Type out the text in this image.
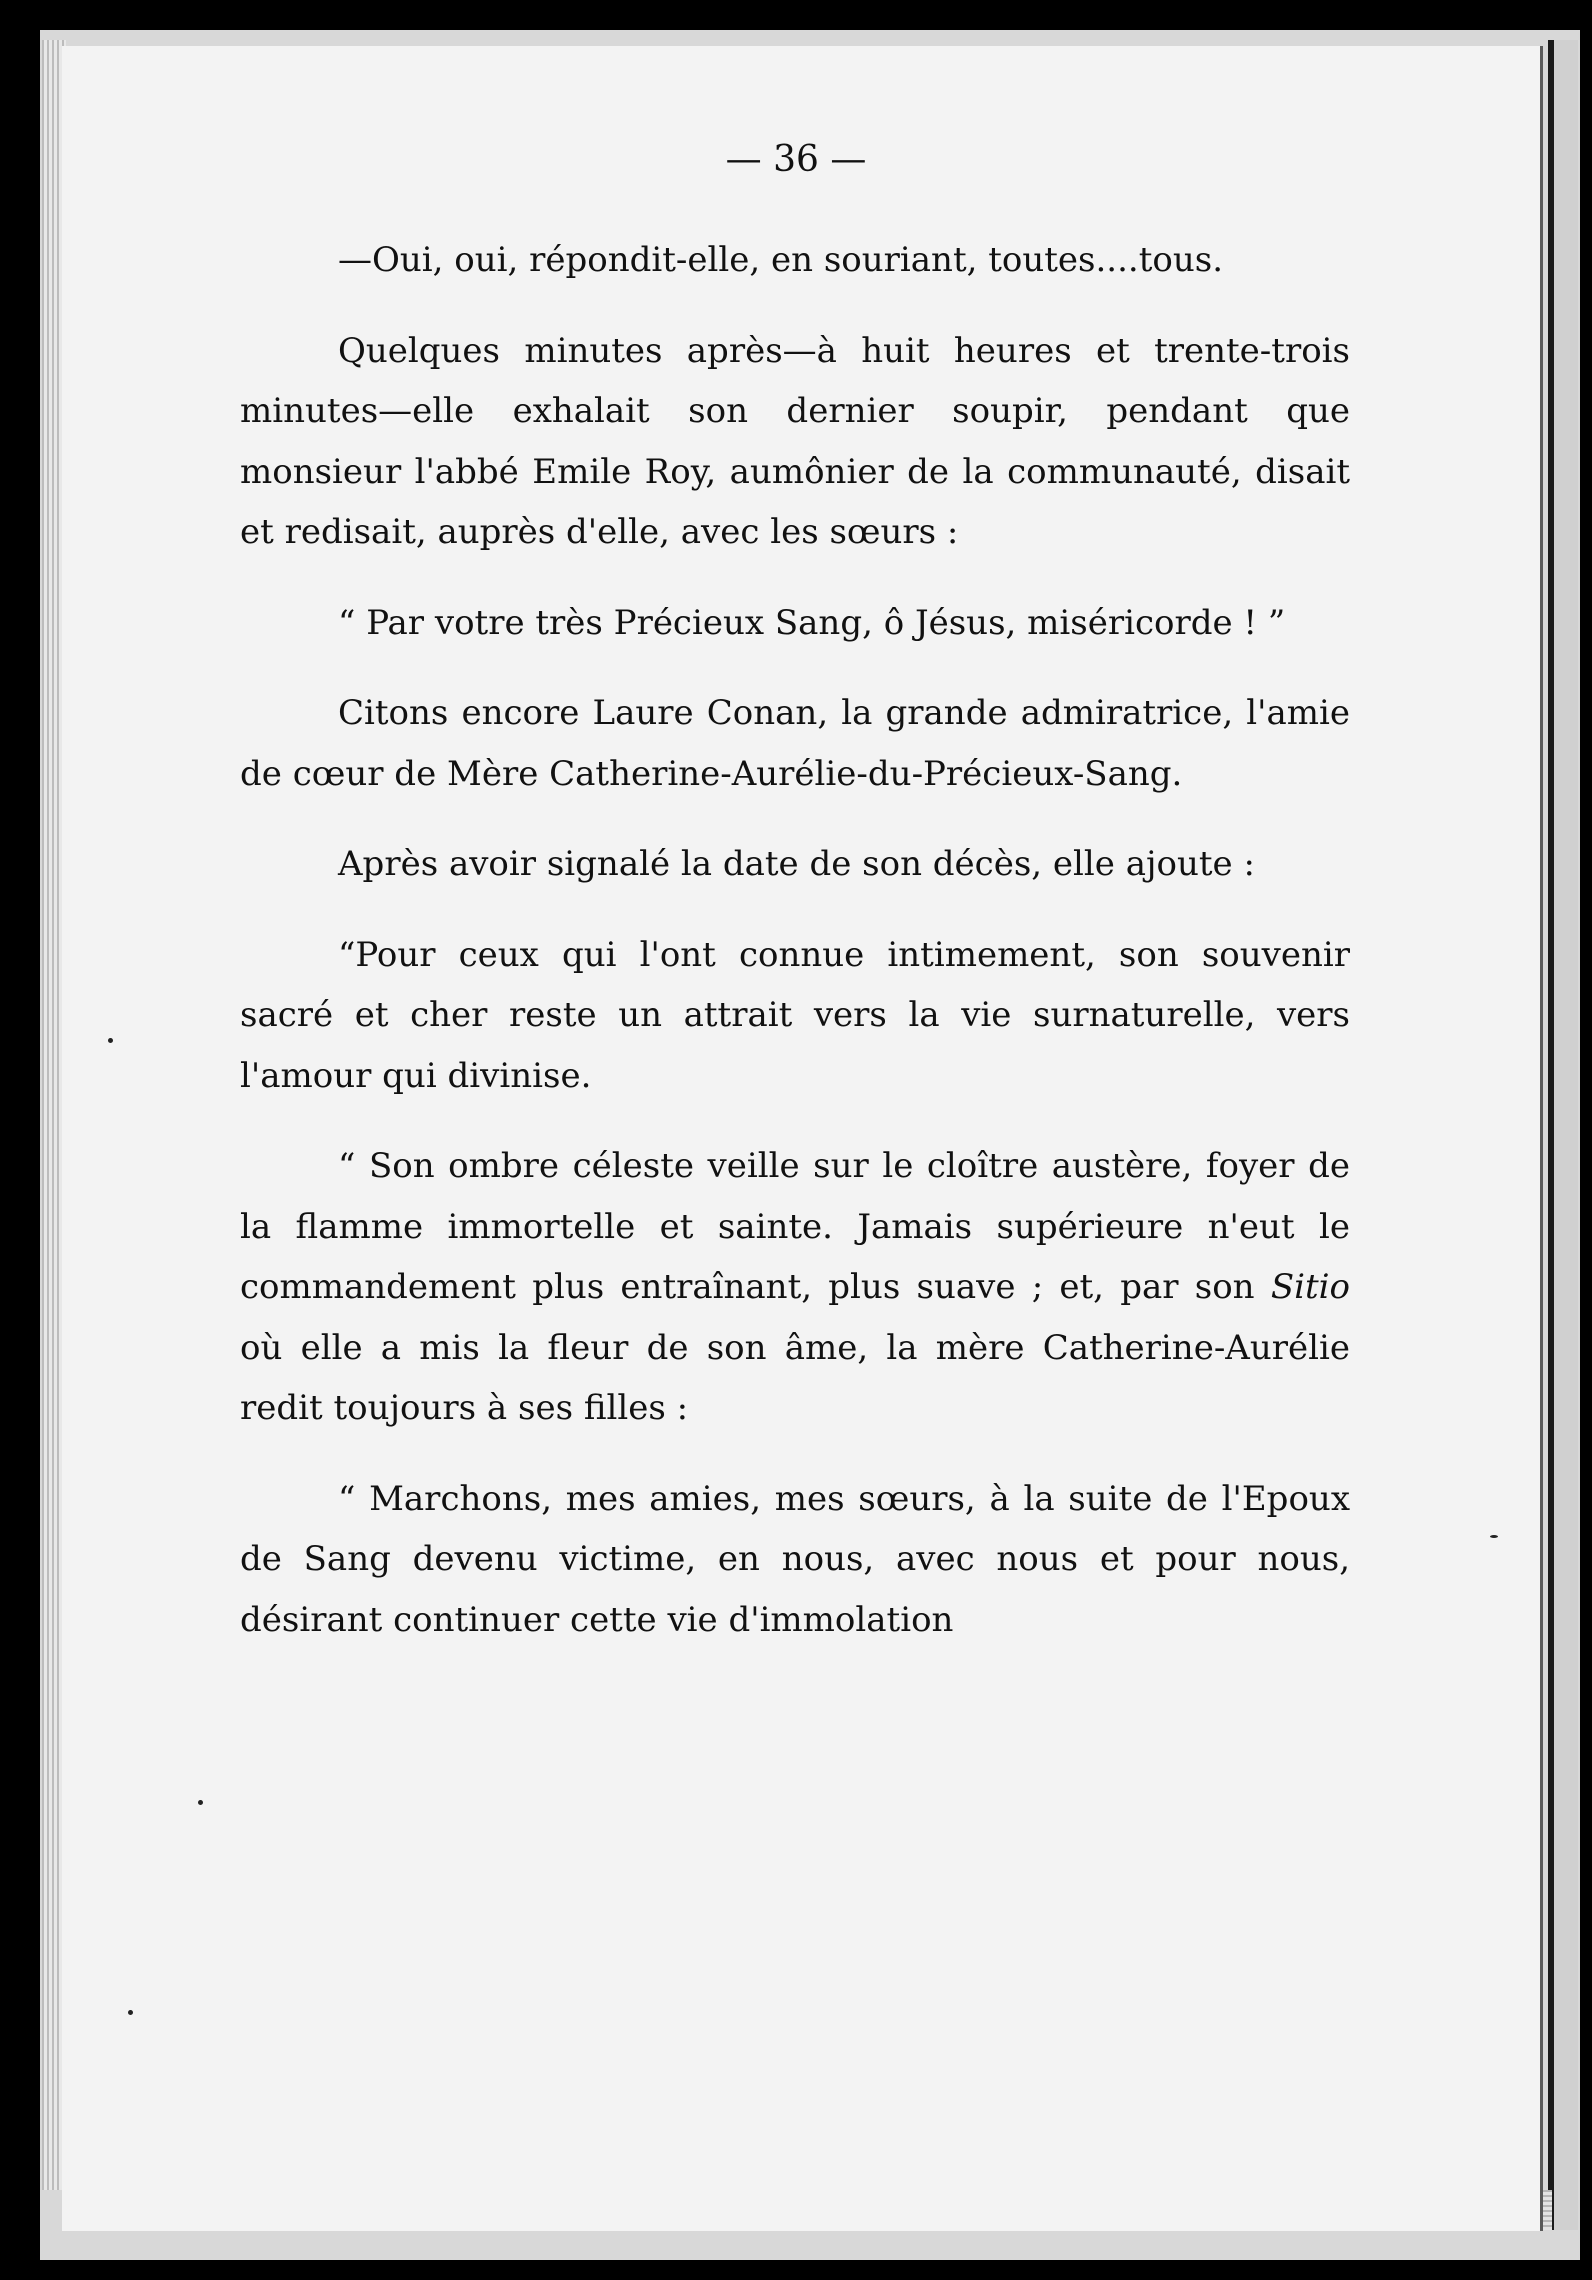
— 36 —

—Oui, oui, répondit-elle, en souriant, toutes....tous.

Quelques minutes après—à huit heures et trente-trois minutes—elle exhalait son dernier soupir, pendant que monsieur l'abbé Emile Roy, aumônier de la communauté, disait et redisait, auprès d'elle, avec les sœurs :

“ Par votre très Précieux Sang, ô Jésus, miséricorde ! ”

Citons encore Laure Conan, la grande admiratrice, l'amie de cœur de Mère Catherine-Aurélie-du-Précieux-Sang.

Après avoir signalé la date de son décès, elle ajoute :

“Pour ceux qui l'ont connue intimement, son souvenir sacré et cher reste un attrait vers la vie surnaturelle, vers l'amour qui divinise.

“ Son ombre céleste veille sur le cloître austère, foyer de la flamme immortelle et sainte. Jamais supérieure n'eut le commandement plus entraînant, plus suave ; et, par son Sitio où elle a mis la fleur de son âme, la mère Catherine-Aurélie redit toujours à ses filles :

“ Marchons, mes amies, mes sœurs, à la suite de l'Epoux de Sang devenu victime, en nous, avec nous et pour nous, désirant continuer cette vie d'immolation
